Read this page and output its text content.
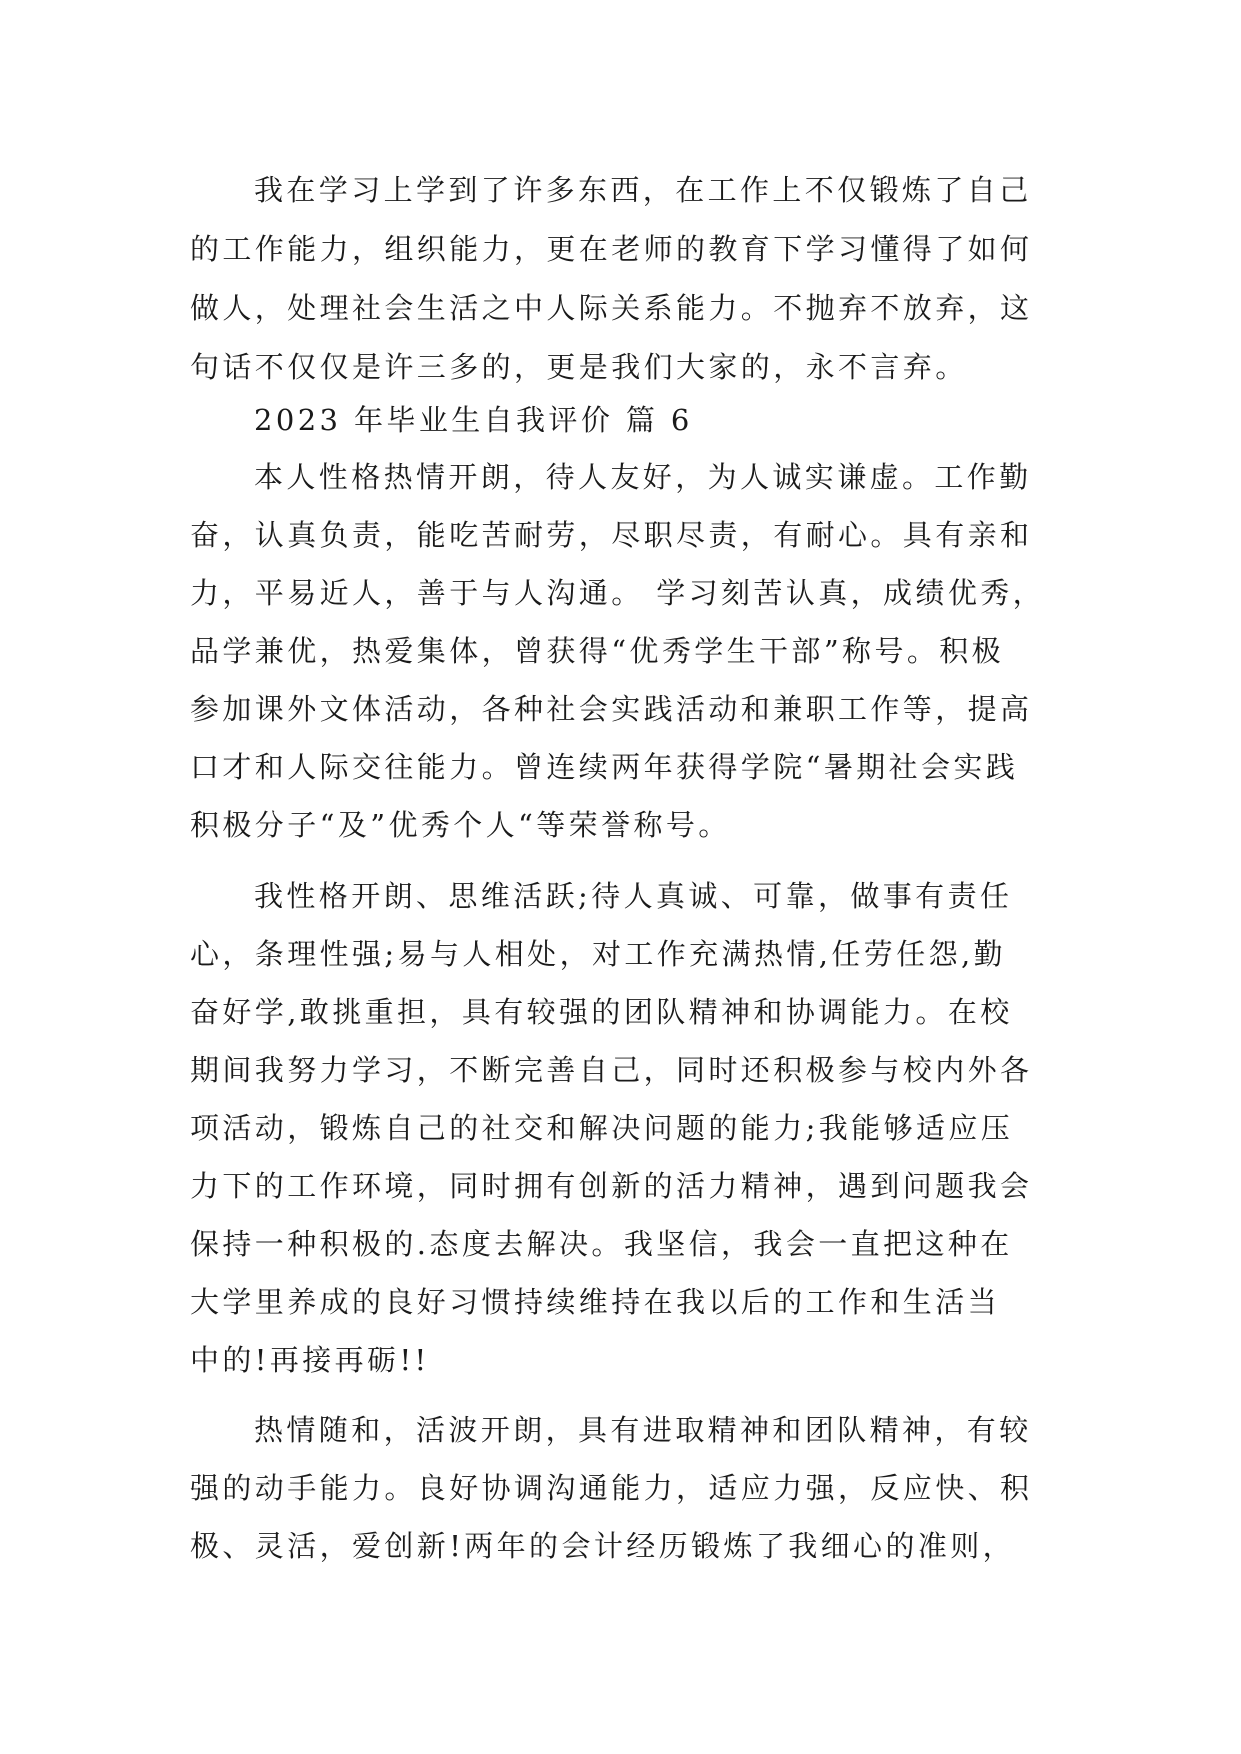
我在学习上学到了许多东西，在工作上不仅锻炼了自己
的工作能力，组织能力，更在老师的教育下学习懂得了如何
做人，处理社会生活之中人际关系能力。不抛弃不放弃，这
句话不仅仅是许三多的，更是我们大家的，永不言弃。
2023 年毕业生自我评价 篇 6
本人性格热情开朗，待人友好，为人诚实谦虚。工作勤
奋，认真负责，能吃苦耐劳，尽职尽责，有耐心。具有亲和
力，平易近人，善于与人沟通。 学习刻苦认真，成绩优秀，
品学兼优，热爱集体，曾获得“优秀学生干部”称号。积极
参加课外文体活动，各种社会实践活动和兼职工作等，提高
口才和人际交往能力。曾连续两年获得学院“暑期社会实践
积极分子“及”优秀个人“等荣誉称号。
我性格开朗、思维活跃;待人真诚、可靠，做事有责任
心，条理性强;易与人相处，对工作充满热情,任劳任怨,勤
奋好学,敢挑重担，具有较强的团队精神和协调能力。在校
期间我努力学习，不断完善自己，同时还积极参与校内外各
项活动，锻炼自己的社交和解决问题的能力;我能够适应压
力下的工作环境，同时拥有创新的活力精神，遇到问题我会
保持一种积极的.态度去解决。我坚信，我会一直把这种在
大学里养成的良好习惯持续维持在我以后的工作和生活当
中的!再接再砺!!
热情随和，活波开朗，具有进取精神和团队精神，有较
强的动手能力。良好协调沟通能力，适应力强，反应快、积
极、灵活，爱创新!两年的会计经历锻炼了我细心的准则，
